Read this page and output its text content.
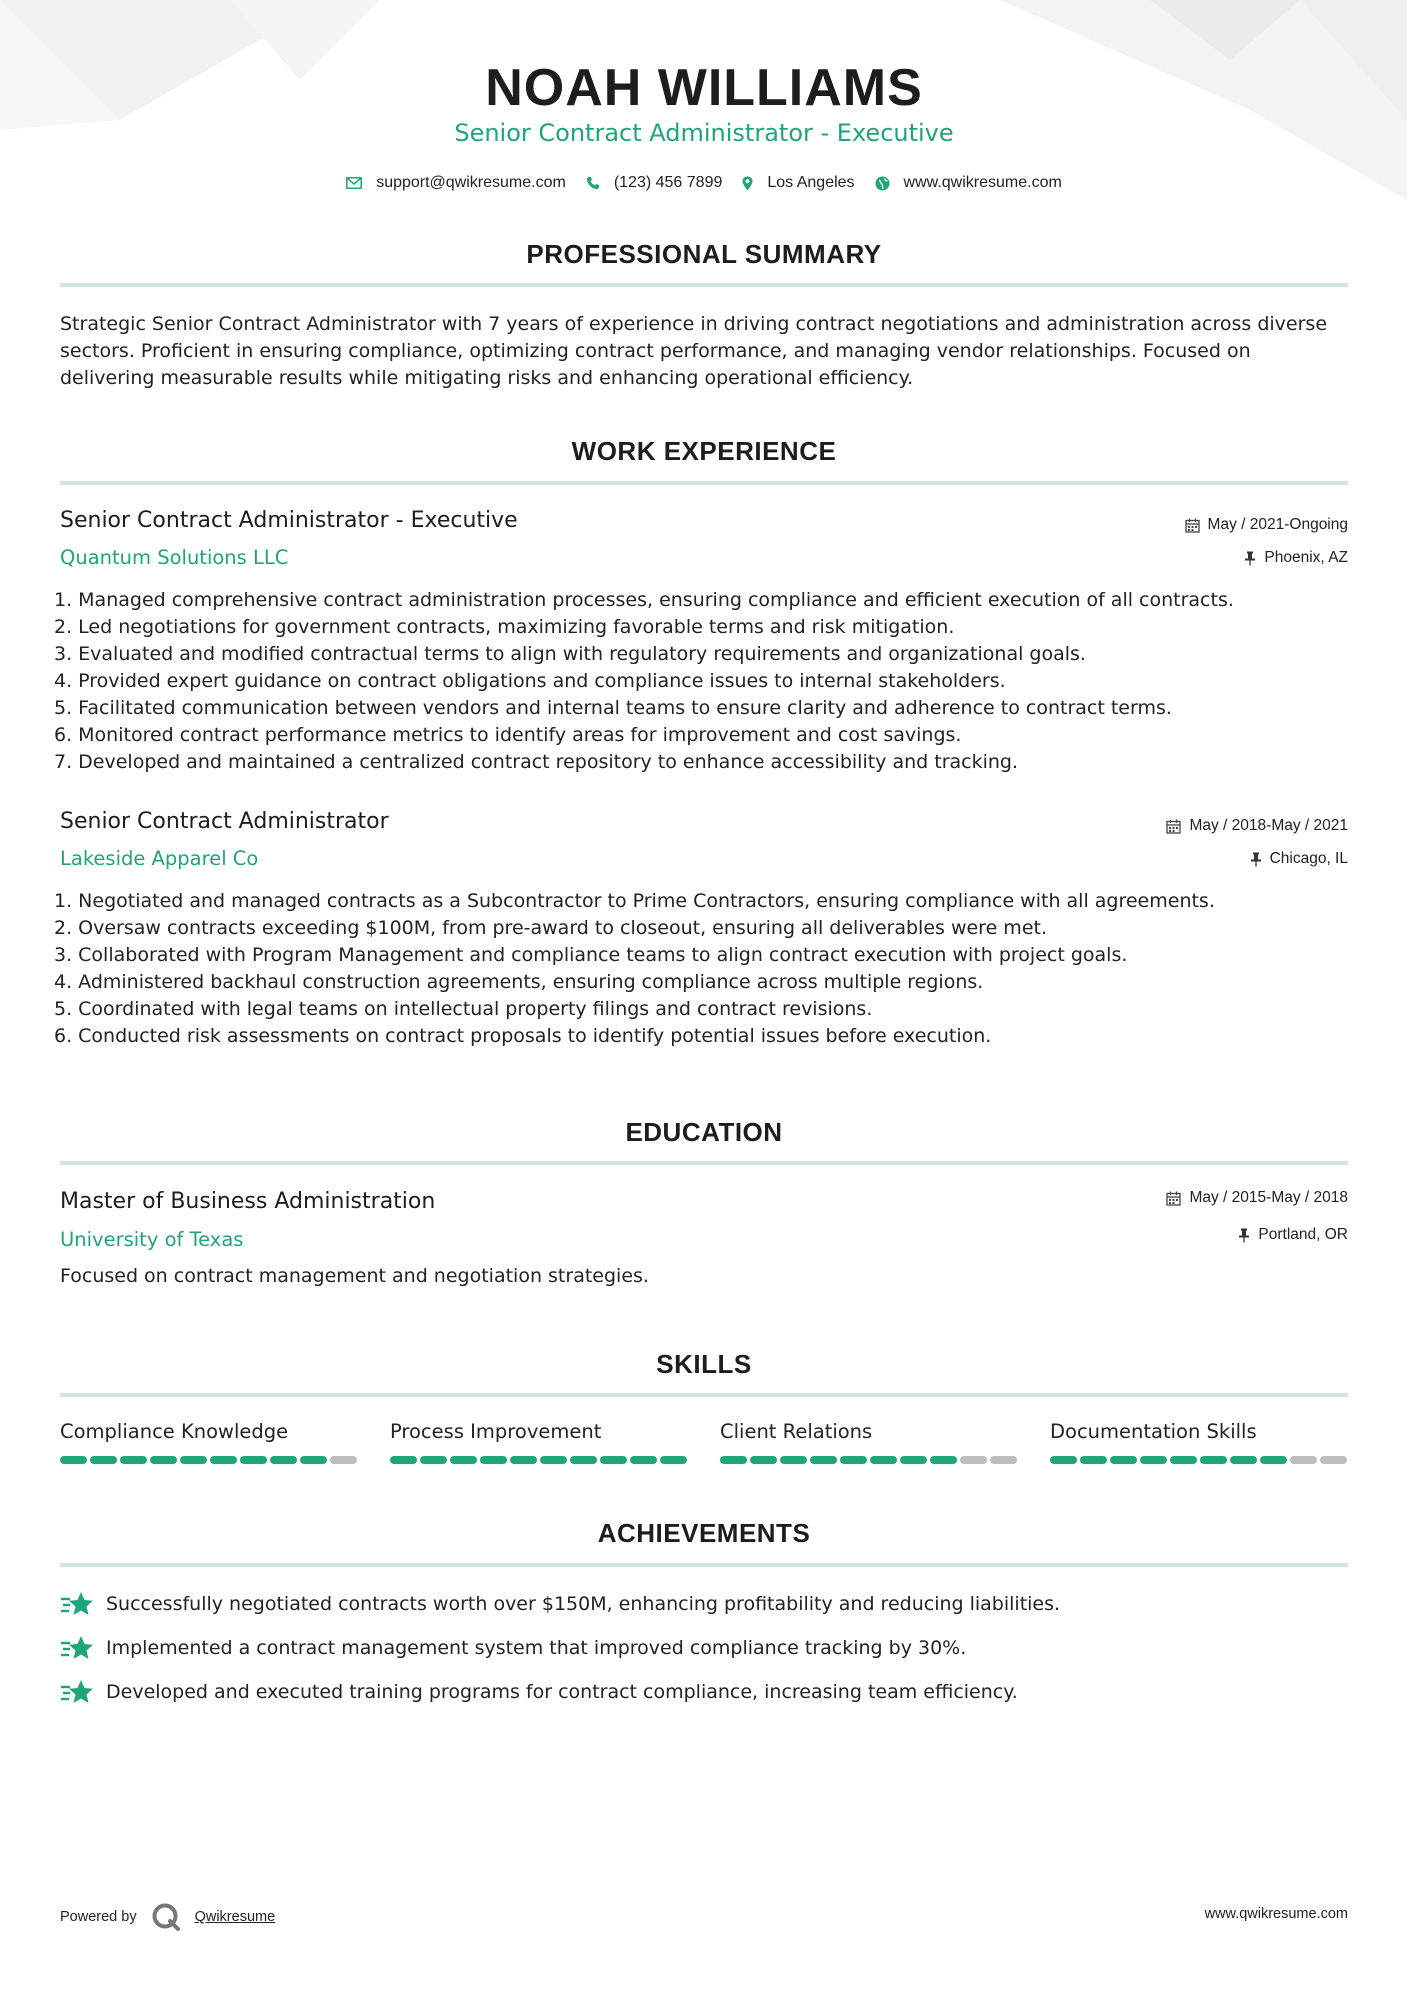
NOAH WILLIAMS
Senior Contract Administrator - Executive
support@qwikresume.com	(123) 456 7899	Los Angeles	www.qwikresume.com
PROFESSIONAL SUMMARY
Strategic Senior Contract Administrator with 7 years of experience in driving contract negotiations and administration across diverse sectors. Proficient in ensuring compliance, optimizing contract performance, and managing vendor relationships. Focused on delivering measurable results while mitigating risks and enhancing operational efficiency.
WORK EXPERIENCE
Senior Contract Administrator - Executive	May / 2021-Ongoing
Quantum Solutions LLC	Phoenix, AZ
1. Managed comprehensive contract administration processes, ensuring compliance and efficient execution of all contracts.
2. Led negotiations for government contracts, maximizing favorable terms and risk mitigation.
3. Evaluated and modified contractual terms to align with regulatory requirements and organizational goals.
4. Provided expert guidance on contract obligations and compliance issues to internal stakeholders.
5. Facilitated communication between vendors and internal teams to ensure clarity and adherence to contract terms.
6. Monitored contract performance metrics to identify areas for improvement and cost savings.
7. Developed and maintained a centralized contract repository to enhance accessibility and tracking.
Senior Contract Administrator	May / 2018-May / 2021
Lakeside Apparel Co	Chicago, IL
1. Negotiated and managed contracts as a Subcontractor to Prime Contractors, ensuring compliance with all agreements.
2. Oversaw contracts exceeding $100M, from pre-award to closeout, ensuring all deliverables were met.
3. Collaborated with Program Management and compliance teams to align contract execution with project goals.
4. Administered backhaul construction agreements, ensuring compliance across multiple regions.
5. Coordinated with legal teams on intellectual property filings and contract revisions.
6. Conducted risk assessments on contract proposals to identify potential issues before execution.
EDUCATION
Master of Business Administration	May / 2015-May / 2018
University of Texas	Portland, OR
Focused on contract management and negotiation strategies.
SKILLS
Compliance Knowledge	Process Improvement	Client Relations	Documentation Skills
ACHIEVEMENTS
Successfully negotiated contracts worth over $150M, enhancing profitability and reducing liabilities.
Implemented a contract management system that improved compliance tracking by 30%.
Developed and executed training programs for contract compliance, increasing team efficiency.
Powered by	Qwikresume	www.qwikresume.com
